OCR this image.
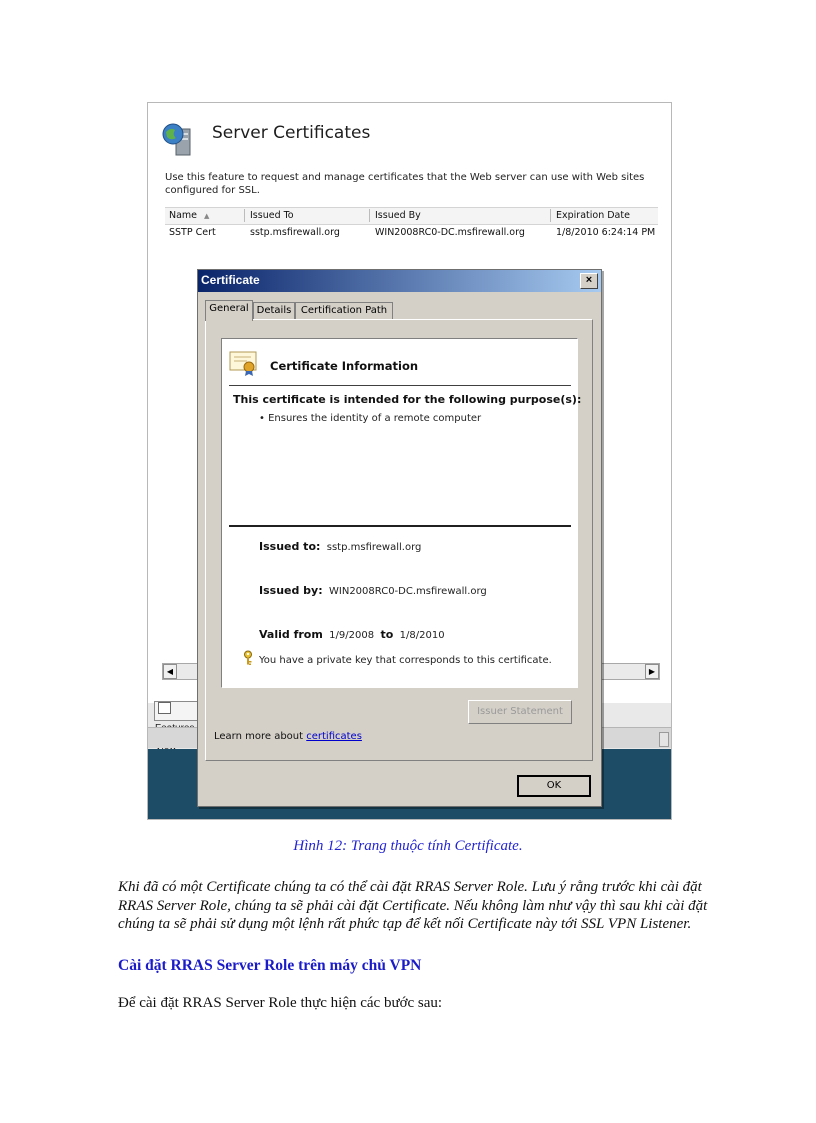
Server Certificates
Use this feature to request and manage certificates that the Web server can use with Web sites configured for SSL.
Name ▲	Issued To	Issued By	Expiration Date
SSTP Cert	sstp.msfirewall.org	WIN2008RC0-DC.msfirewall.org	1/8/2010 6:24:14 PM
◀	▶
Certificate	×
General Details Certification Path
Certificate Information
This certificate is intended for the following purpose(s):
• Ensures the identity of a remote computer
Issued to: sstp.msfirewall.org
Issued by: WIN2008RC0-DC.msfirewall.org
Valid from 1/9/2008 to 1/8/2010
You have a private key that corresponds to this certificate.
Issuer Statement
Learn more about certificates
OK
Hình 12: Trang thuộc tính Certificate.

Khi đã có một Certificate chúng ta có thể cài đặt RRAS Server Role. Lưu ý rằng trước khi cài đặt RRAS Server Role, chúng ta sẽ phải cài đặt Certificate. Nếu không làm như vậy thì sau khi cài đặt chúng ta sẽ phải sử dụng một lệnh rất phức tạp để kết nối Certificate này tới SSL VPN Listener.

Cài đặt RRAS Server Role trên máy chủ VPN
Để cài đặt RRAS Server Role thực hiện các bước sau:
